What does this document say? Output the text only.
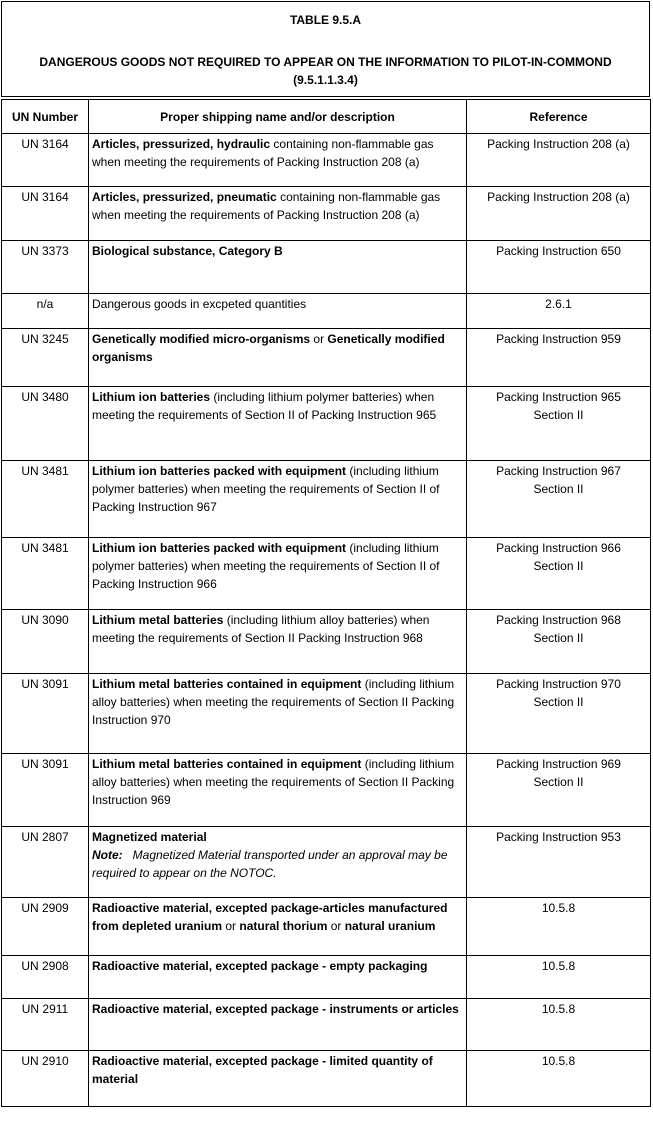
TABLE 9.5.A
DANGEROUS GOODS NOT REQUIRED TO APPEAR ON THE INFORMATION TO PILOT-IN-COMMOND
(9.5.1.1.3.4)
UN Number	Proper shipping name and/or description	Reference
UN 3164	Articles, pressurized, hydraulic containing non-flammable gas when meeting the requirements of Packing Instruction 208 (a)	Packing Instruction 208 (a)

UN 3164	Articles, pressurized, pneumatic containing non-flammable gas when meeting the requirements of Packing Instruction 208 (a)	Packing Instruction 208 (a)

UN 3373	Biological substance, Category B	Packing Instruction 650

n/a	Dangerous goods in excpeted quantities	2.6.1

UN 3245	Genetically modified micro-organisms or Genetically modified organisms	Packing Instruction 959

UN 3480	Lithium ion batteries (including lithium polymer batteries) when meeting the requirements of Section II of Packing Instruction 965	Packing Instruction 965
Section II

UN 3481	Lithium ion batteries packed with equipment (including lithium polymer batteries) when meeting the requirements of Section II of Packing Instruction 967	Packing Instruction 967
Section II

UN 3481	Lithium ion batteries packed with equipment (including lithium polymer batteries) when meeting the requirements of Section II of Packing Instruction 966	Packing Instruction 966
Section II

UN 3090	Lithium metal batteries (including lithium alloy batteries) when meeting the requirements of Section II Packing Instruction 968	Packing Instruction 968
Section II

UN 3091	Lithium metal batteries contained in equipment (including lithium alloy batteries) when meeting the requirements of Section II Packing Instruction 970	Packing Instruction 970
Section II

UN 3091	Lithium metal batteries contained in equipment (including lithium alloy batteries) when meeting the requirements of Section II Packing Instruction 969	Packing Instruction 969
Section II

UN 2807	Magnetized material
Note:   Magnetized Material transported under an approval may be required to appear on the NOTOC.	Packing Instruction 953

UN 2909	Radioactive material, excepted package-articles manufactured from depleted uranium or natural thorium or natural uranium	10.5.8

UN 2908	Radioactive material, excepted package - empty packaging	10.5.8

UN 2911	Radioactive material, excepted package - instruments or articles	10.5.8

UN 2910	Radioactive material, excepted package - limited quantity of material	10.5.8
